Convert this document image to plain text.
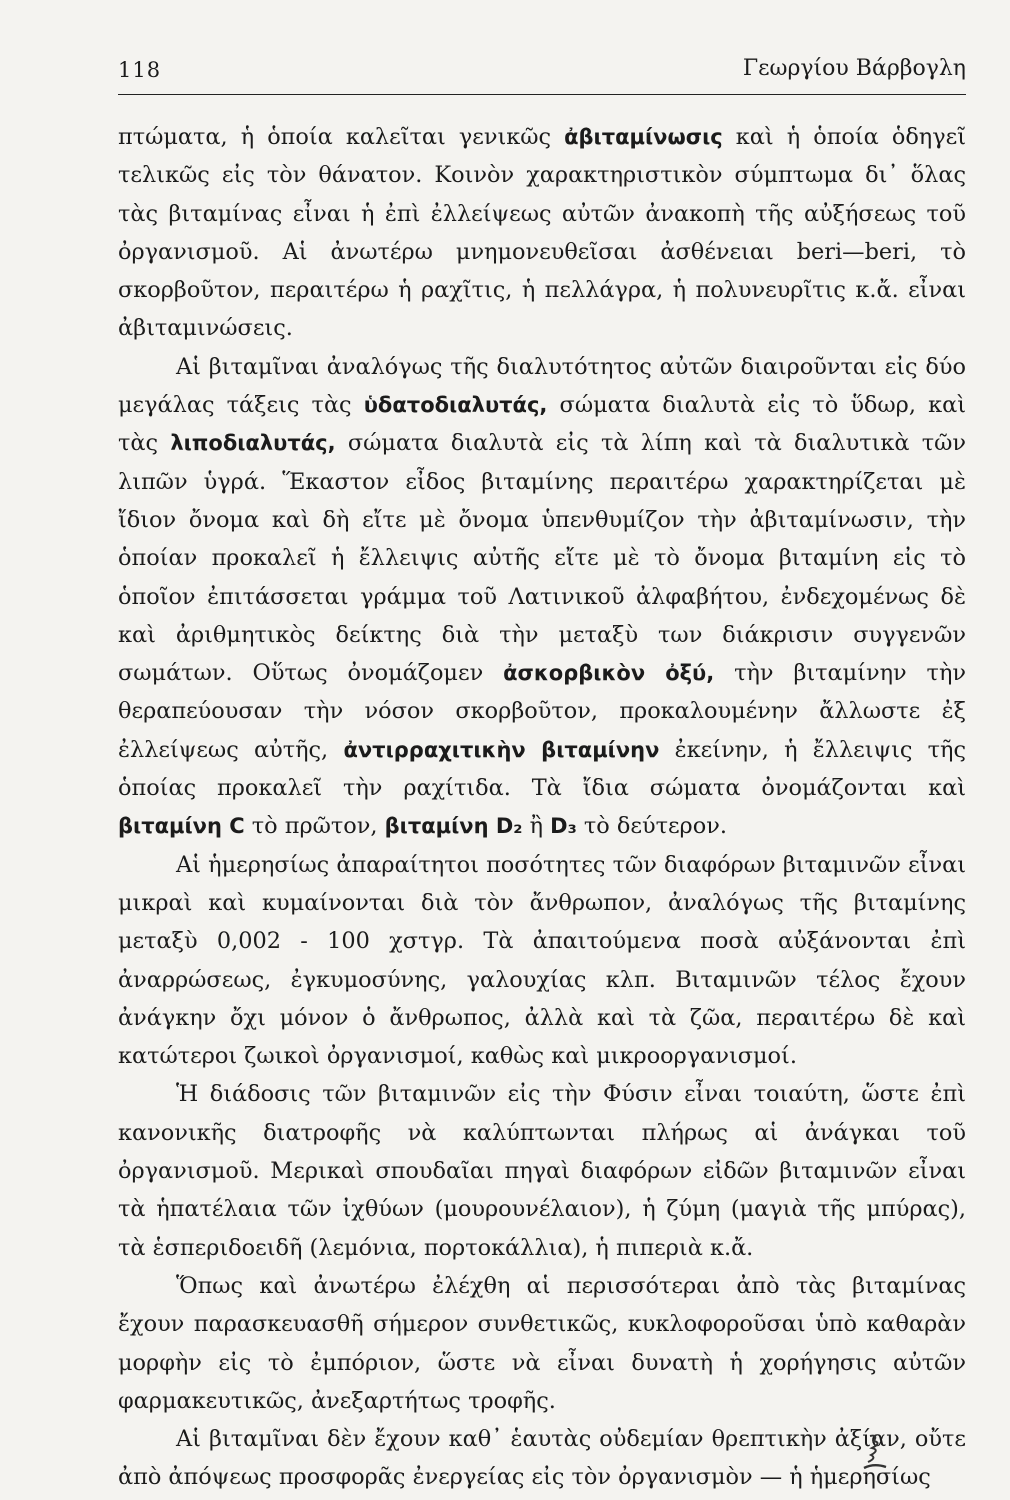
118	Γεωργίου Βάρβογλη

πτώματα, ἡ ὁποία καλεῖται γενικῶς ἀβιταμίνωσις καὶ ἡ ὁποία ὁδηγεῖ τελικῶς εἰς τὸν θάνατον. Κοινὸν χαρακτηριστικὸν σύμπτωμα δι᾿ ὅλας τὰς βιταμίνας εἶναι ἡ ἐπὶ ἐλλείψεως αὐτῶν ἀνακοπὴ τῆς αὐξήσεως τοῦ ὀργανισμοῦ. Αἱ ἀνωτέρω μνημονευθεῖσαι ἀσθένειαι beri—beri, τὸ σκορβοῦτον, περαιτέρω ἡ ραχῖτις, ἡ πελλάγρα, ἡ πολυνευρῖτις κ.ἄ. εἶναι ἀβιταμινώσεις.

Αἱ βιταμῖναι ἀναλόγως τῆς διαλυτότητος αὐτῶν διαιροῦνται εἰς δύο μεγάλας τάξεις τὰς ὑδατοδιαλυτάς, σώματα διαλυτὰ εἰς τὸ ὕδωρ, καὶ τὰς λιποδιαλυτάς, σώματα διαλυτὰ εἰς τὰ λίπη καὶ τὰ διαλυτικὰ τῶν λιπῶν ὑγρά. Ἕκαστον εἶδος βιταμίνης περαιτέρω χαρακτηρίζεται μὲ ἴδιον ὄνομα καὶ δὴ εἴτε μὲ ὄνομα ὑπενθυμίζον τὴν ἀβιταμίνωσιν, τὴν ὁποίαν προκαλεῖ ἡ ἔλλειψις αὐτῆς εἴτε μὲ τὸ ὄνομα βιταμίνη εἰς τὸ ὁποῖον ἐπιτάσσεται γράμμα τοῦ Λατινικοῦ ἀλφαβήτου, ἐνδεχομένως δὲ καὶ ἀριθμητικὸς δείκτης διὰ τὴν μεταξὺ των διάκρισιν συγγενῶν σωμάτων. Οὕτως ὀνομάζομεν ἀσκορβικὸν ὀξύ, τὴν βιταμίνην τὴν θεραπεύουσαν τὴν νόσον σκορβοῦτον, προκαλουμένην ἄλλωστε ἐξ ἐλλείψεως αὐτῆς, ἀντιρραχιτικὴν βιταμίνην ἐκείνην, ἡ ἔλλειψις τῆς ὁποίας προκαλεῖ τὴν ραχίτιδα. Τὰ ἴδια σώματα ὀνομάζονται καὶ βιταμίνη C τὸ πρῶτον, βιταμίνη D₂ ἢ D₃ τὸ δεύτερον.

Αἱ ἡμερησίως ἀπαραίτητοι ποσότητες τῶν διαφόρων βιταμινῶν εἶναι μικραὶ καὶ κυμαίνονται διὰ τὸν ἄνθρωπον, ἀναλόγως τῆς βιταμίνης μεταξὺ 0,002 - 100 χστγρ. Τὰ ἀπαιτούμενα ποσὰ αὐξάνονται ἐπὶ ἀναρρώσεως, ἐγκυμοσύνης, γαλουχίας κλπ. Βιταμινῶν τέλος ἔχουν ἀνάγκην ὄχι μόνον ὁ ἄνθρωπος, ἀλλὰ καὶ τὰ ζῶα, περαιτέρω δὲ καὶ κατώτεροι ζωικοὶ ὀργανισμοί, καθὼς καὶ μικροοργανισμοί.

Ἡ διάδοσις τῶν βιταμινῶν εἰς τὴν Φύσιν εἶναι τοιαύτη, ὥστε ἐπὶ κανονικῆς διατροφῆς νὰ καλύπτωνται πλήρως αἱ ἀνάγκαι τοῦ ὀργανισμοῦ. Μερικαὶ σπουδαῖαι πηγαὶ διαφόρων εἰδῶν βιταμινῶν εἶναι τὰ ἡπατέλαια τῶν ἰχθύων (μουρουνέλαιον), ἡ ζύμη (μαγιὰ τῆς μπύρας), τὰ ἑσπεριδοειδῆ (λεμόνια, πορτοκάλλια), ἡ πιπεριὰ κ.ἄ.

Ὅπως καὶ ἀνωτέρω ἐλέχθη αἱ περισσότεραι ἀπὸ τὰς βιταμίνας ἔχουν παρασκευασθῆ σήμερον συνθετικῶς, κυκλοφοροῦσαι ὑπὸ καθαρὰν μορφὴν εἰς τὸ ἐμπόριον, ὥστε νὰ εἶναι δυνατὴ ἡ χορήγησις αὐτῶν φαρμακευτικῶς, ἀνεξαρτήτως τροφῆς.

Αἱ βιταμῖναι δὲν ἔχουν καθ᾿ ἑαυτὰς οὐδεμίαν θρεπτικὴν ἀξίαν, οὔτε ἀπὸ ἀπόψεως προσφορᾶς ἐνεργείας εἰς τὸν ὀργανισμὸν — ἡ ἡμερησίως
